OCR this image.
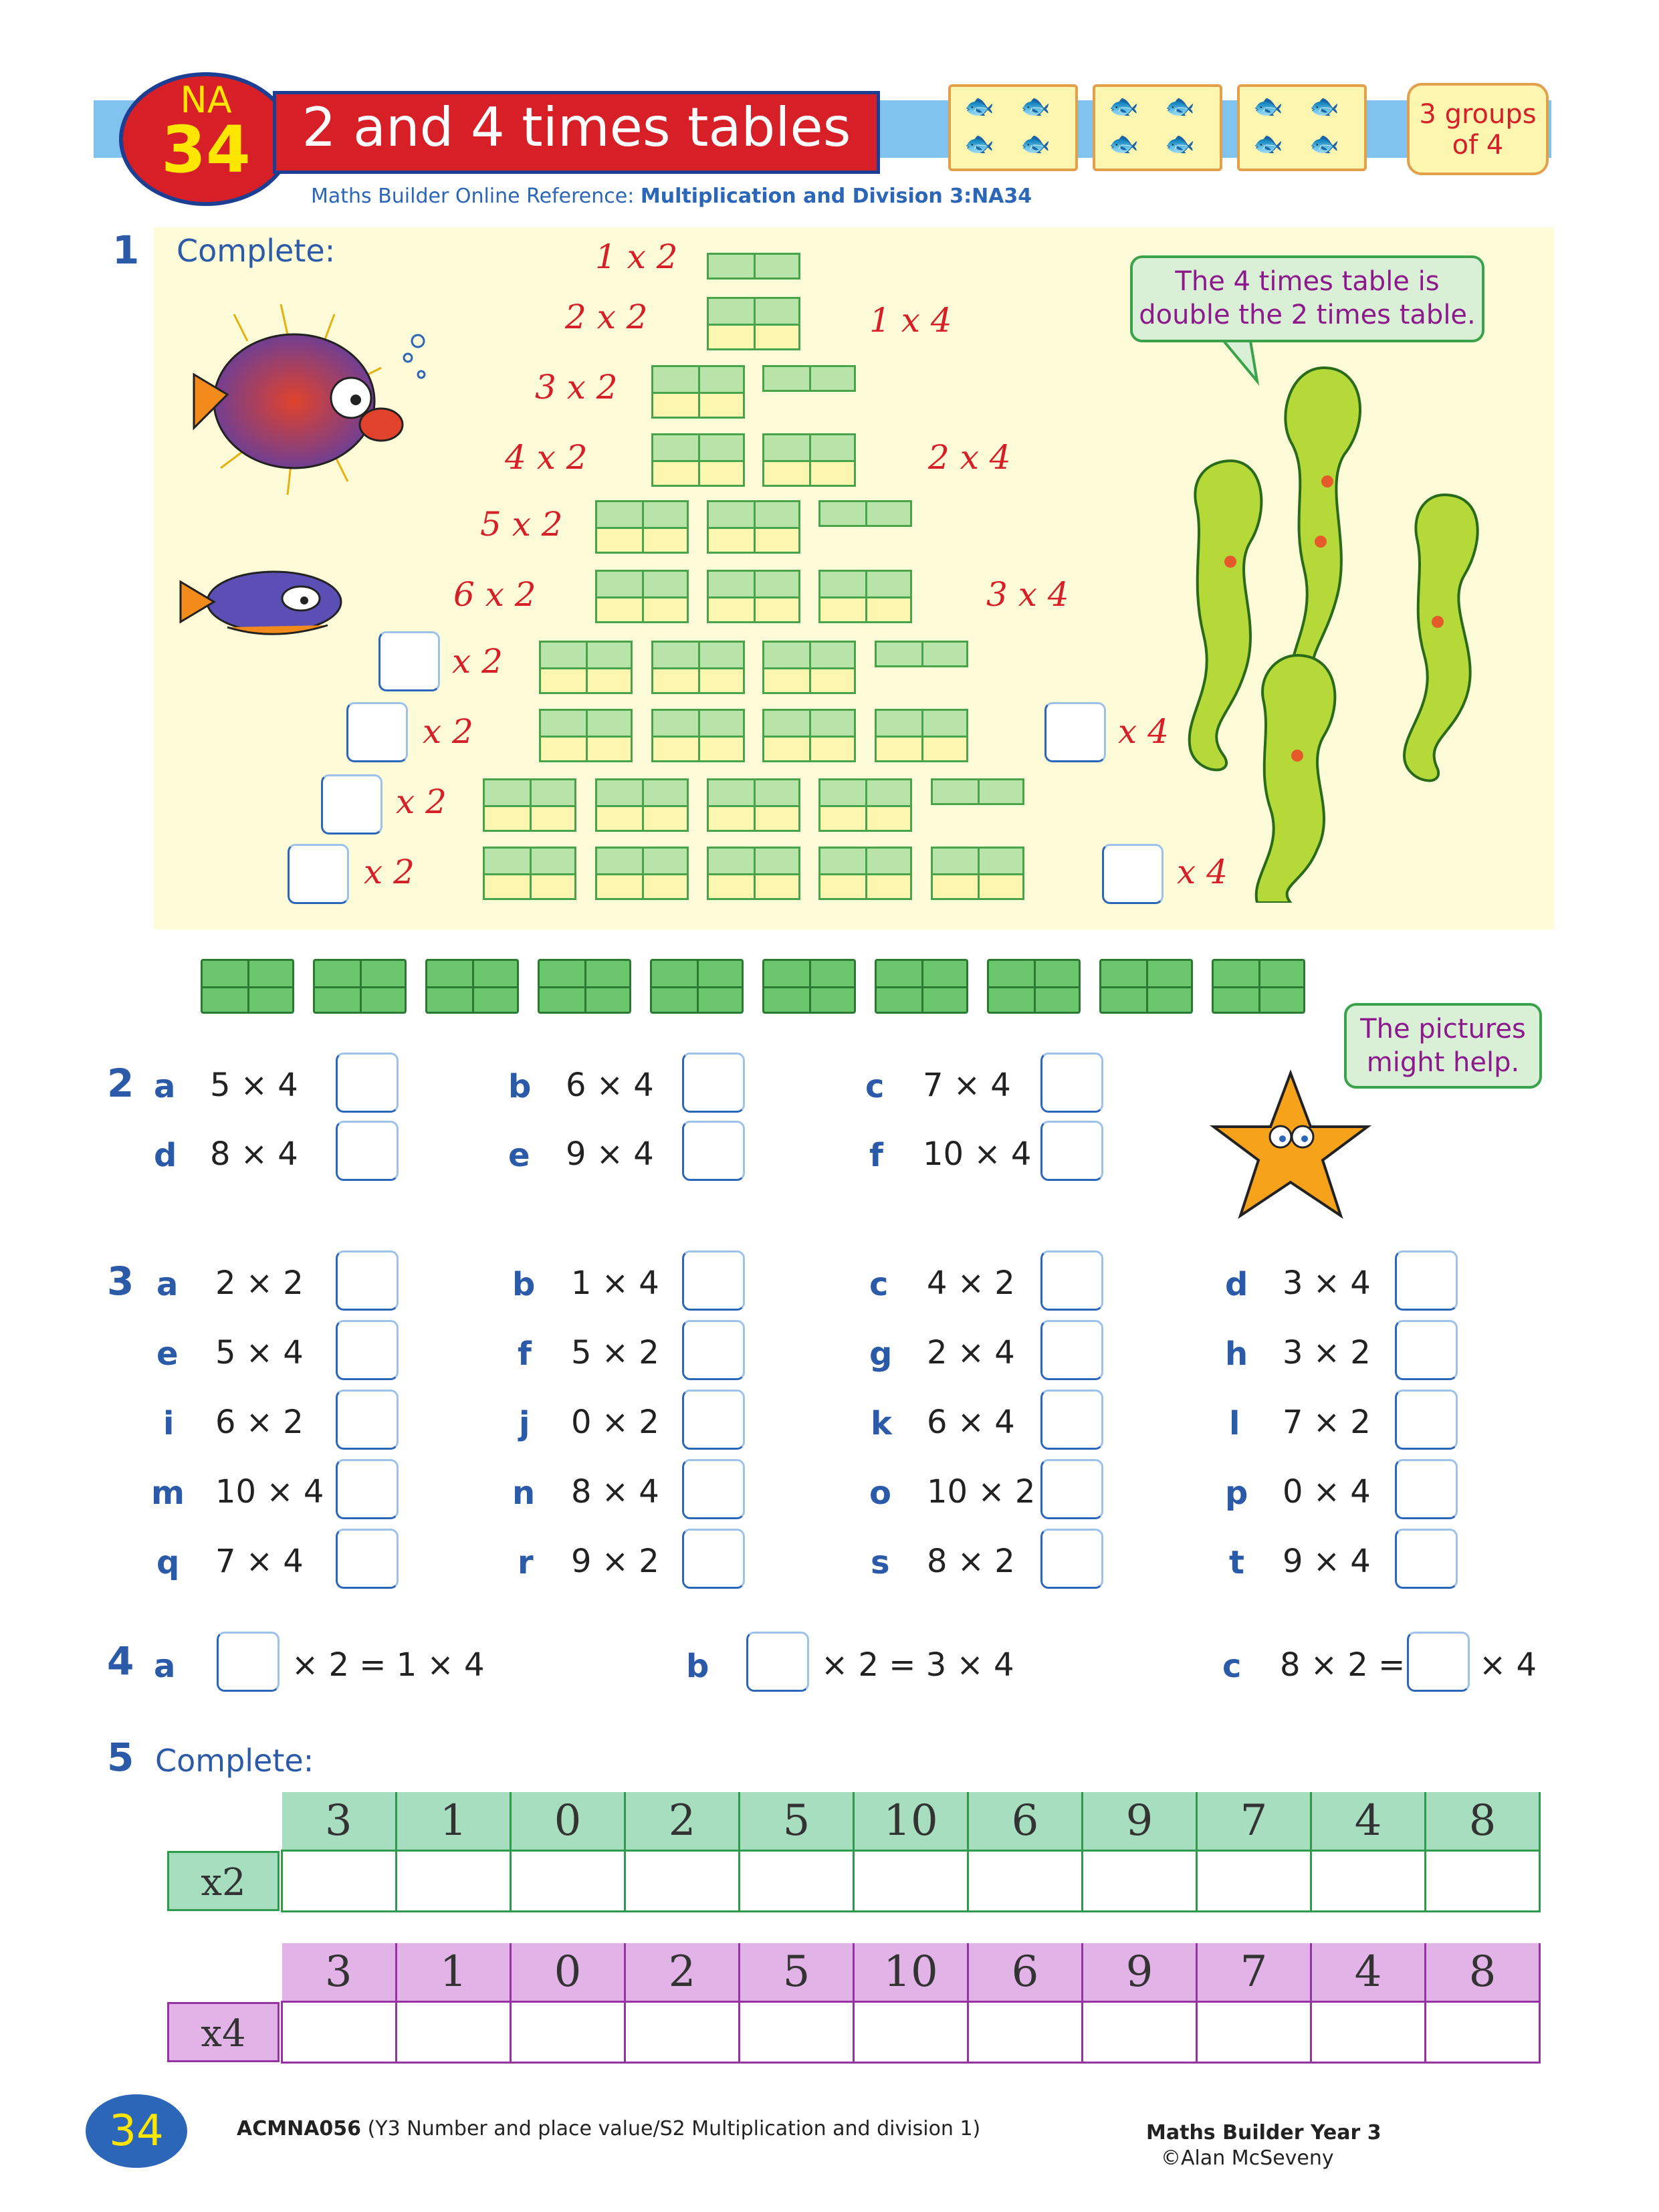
NA
34 2 and 4 times tables	🐟 🐟
🐟 🐟
🐟 🐟
🐟 🐟
🐟 🐟
🐟 🐟
3 groups
of 4
Maths Builder Online Reference: Multiplication and Division 3:NA34
1 Complete:	1 x 2
2 x 2
3 x 2
4 x 2
5 x 2
6 x 2
x 2
x 2
x 2
x 2
1 x 4
2 x 4
3 x 4
x 4
x 4
The 4 times table is
double the 2 times table.
2 a 5 × 4	b 6 × 4	c 7 × 4
d 8 × 4	e 9 × 4	f 10 × 4
The pictures
might help.
3 a 2 × 2	b 1 × 4	c 4 × 2	d 3 × 4
e 5 × 4	f 5 × 2	g 2 × 4	h 3 × 2
i 6 × 2	j 0 × 2	k 6 × 4	l 7 × 2
m 10 × 4	n 8 × 4	o 10 × 2	p 0 × 4
q 7 × 4	r 9 × 2	s 8 × 2	t 9 × 4
4 a	× 2 = 1 × 4	b	× 2 = 3 × 4	c 8 × 2 = × 4
5 Complete:
3	1	0	2	5	10	6	9	7	4	8

x2
3	1	0	2	5	10	6	9	7	4	8

x4
34	ACMNA056 (Y3 Number and place value/S2 Multiplication and division 1)	Maths Builder Year 3
©Alan McSeveny
